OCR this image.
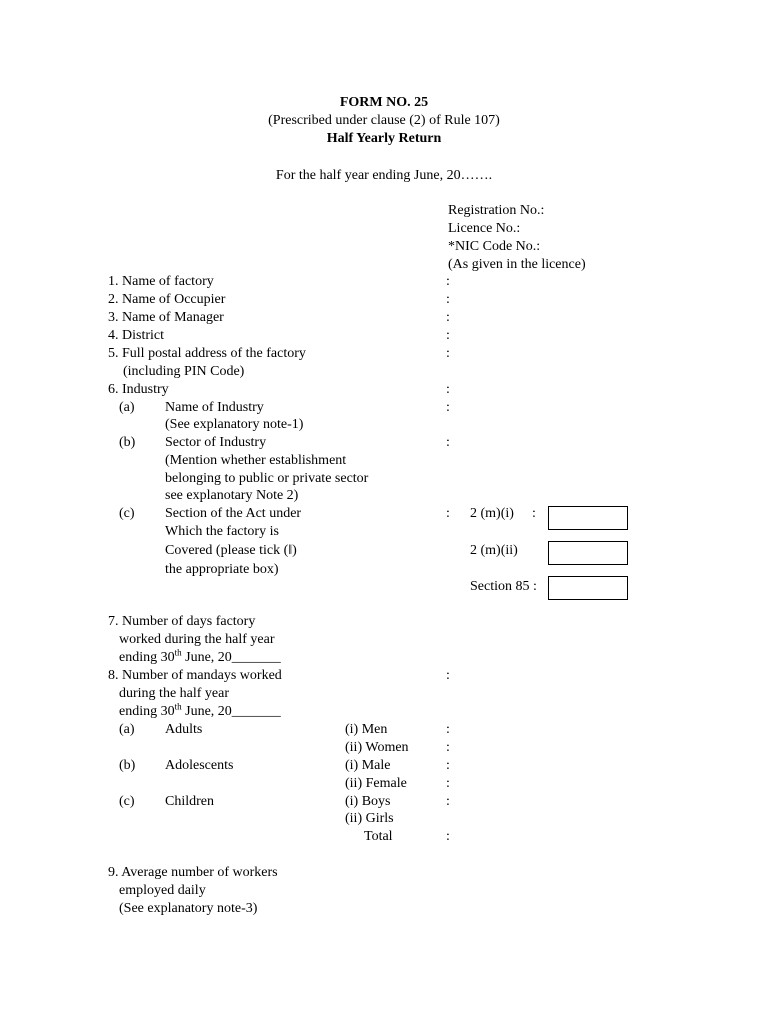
FORM NO. 25
(Prescribed under clause (2) of Rule 107)
Half Yearly Return
For the half year ending June, 20…….
Registration No.:
Licence No.:
*NIC Code No.:
(As given in the licence)
1. Name of factory	:
2. Name of Occupier	:
3. Name of Manager	:
4. District	:
5. Full postal address of the factory	:
(including PIN Code)
6. Industry	:
(a) Name of Industry	:
(See explanatory note-1)
(b) Sector of Industry	:
(Mention whether establishment
belonging to public or private sector
see explanotary Note 2)
(c) Section of the Act under	:
Which the factory is
Covered (please tick (ǁ)
the appropriate box)
2 (m)(i) :
2 (m)(ii)
Section 85 :
7. Number of days factory
worked during the half year
ending 30th June, 20_______
8. Number of mandays worked	:
during the half year
ending 30th June, 20_______
(a) Adults	(i) Men	:
(ii) Women	:
(b) Adolescents	(i) Male	:
(ii) Female	:
(c) Children	(i) Boys	:
(ii) Girls
Total	:
9. Average number of workers
employed daily
(See explanatory note-3)
